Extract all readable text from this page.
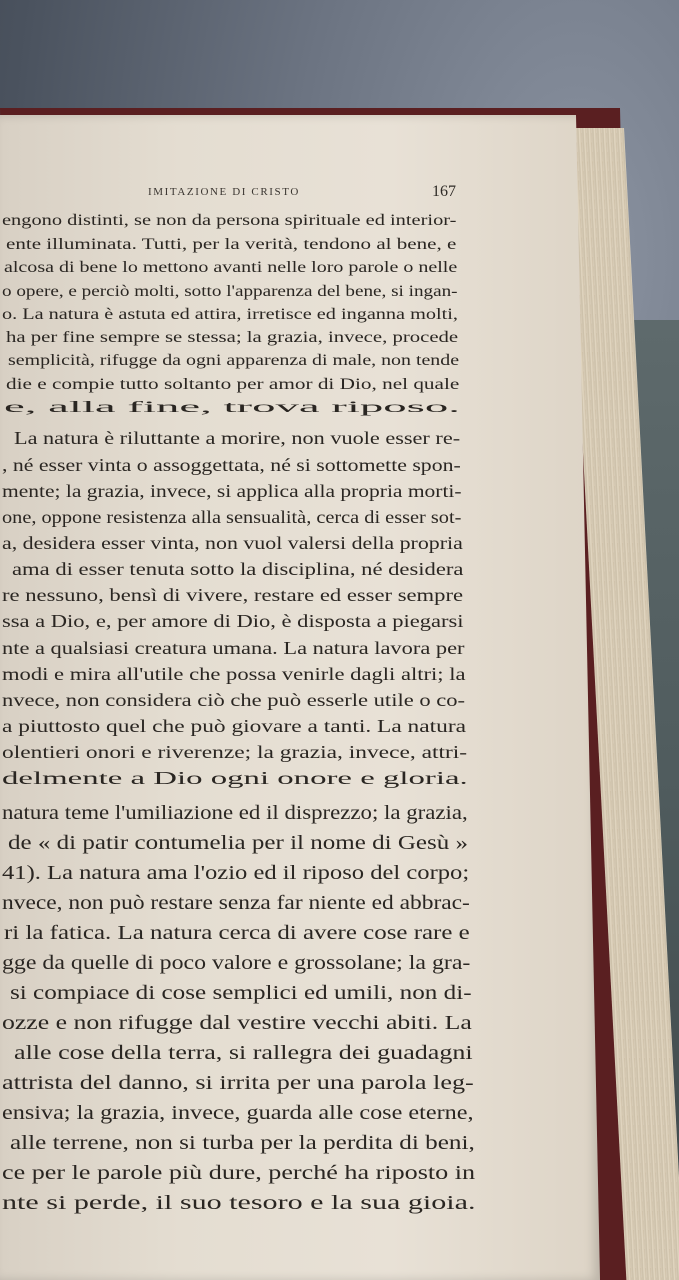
IMITAZIONE DI CRISTO	167
engono distinti, se non da persona spirituale ed interior-
ente illuminata. Tutti, per la verità, tendono al bene, e
alcosa di bene lo mettono avanti nelle loro parole o nelle
o opere, e perciò molti, sotto l'apparenza del bene, si ingan-
o. La natura è astuta ed attira, irretisce ed inganna molti,
ha per fine sempre se stessa; la grazia, invece, procede
semplicità, rifugge da ogni apparenza di male, non tende
die e compie tutto soltanto per amor di Dio, nel quale
e, alla fine, trova riposo.
La natura è riluttante a morire, non vuole esser re-
, né esser vinta o assoggettata, né si sottomette spon-
mente; la grazia, invece, si applica alla propria morti-
one, oppone resistenza alla sensualità, cerca di esser sot-
a, desidera esser vinta, non vuol valersi della propria
ama di esser tenuta sotto la disciplina, né desidera
re nessuno, bensì di vivere, restare ed esser sempre
ssa a Dio, e, per amore di Dio, è disposta a piegarsi
nte a qualsiasi creatura umana. La natura lavora per
modi e mira all'utile che possa venirle dagli altri; la
nvece, non considera ciò che può esserle utile o co-
a piuttosto quel che può giovare a tanti. La natura
olentieri onori e riverenze; la grazia, invece, attri-
delmente a Dio ogni onore e gloria.
natura teme l'umiliazione ed il disprezzo; la grazia,
de « di patir contumelia per il nome di Gesù »
41). La natura ama l'ozio ed il riposo del corpo;
nvece, non può restare senza far niente ed abbrac-
ri la fatica. La natura cerca di avere cose rare e
gge da quelle di poco valore e grossolane; la gra-
si compiace di cose semplici ed umili, non di-
ozze e non rifugge dal vestire vecchi abiti. La
alle cose della terra, si rallegra dei guadagni
attrista del danno, si irrita per una parola leg-
ensiva; la grazia, invece, guarda alle cose eterne,
alle terrene, non si turba per la perdita di beni,
ce per le parole più dure, perché ha riposto in
nte si perde, il suo tesoro e la sua gioia.
